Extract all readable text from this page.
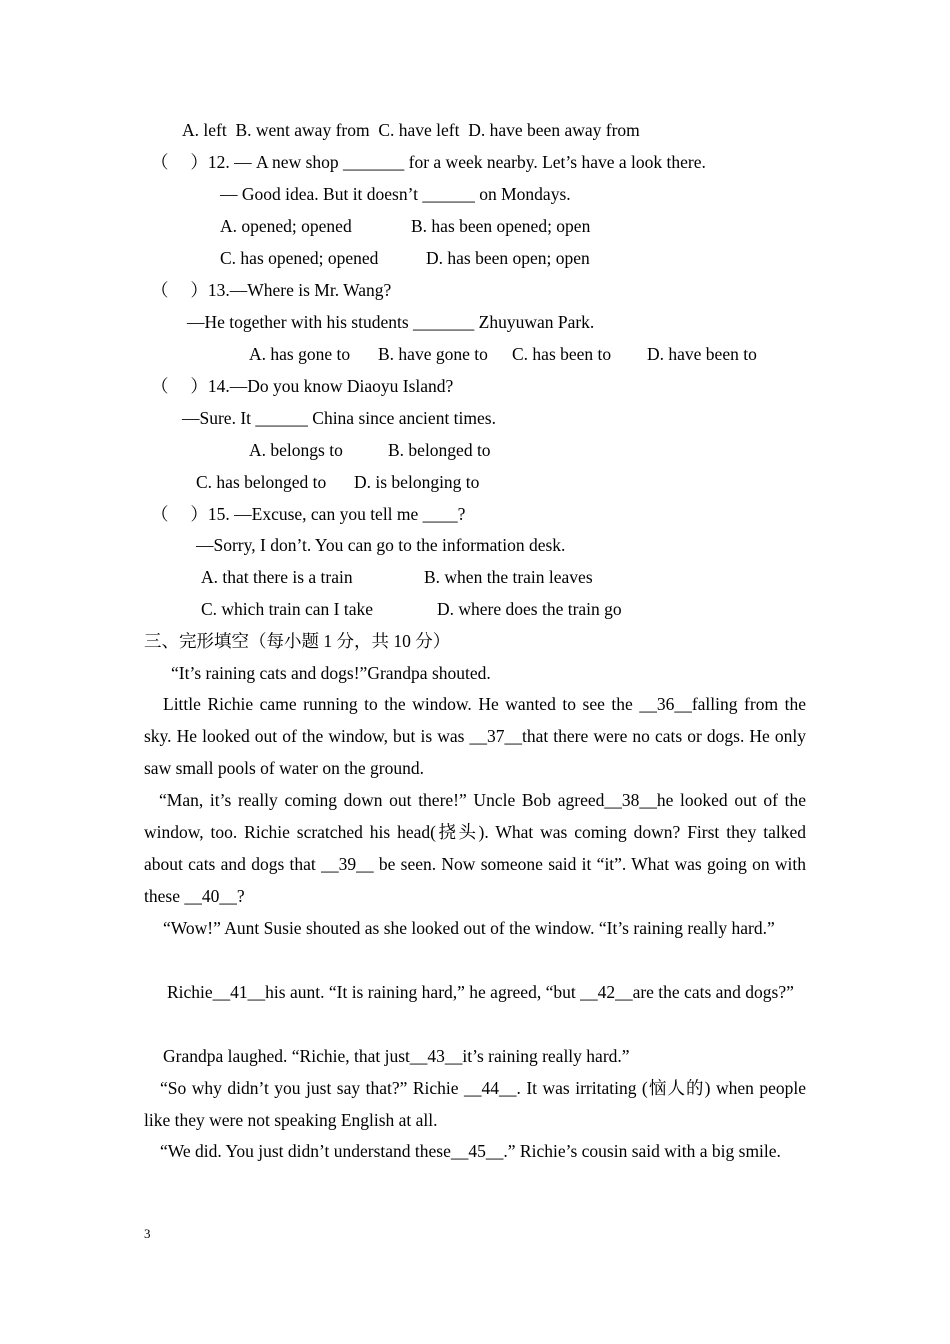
A. left  B. went away from  C. have left  D. have been away from
（     ）12. — A new shop _______ for a week nearby. Let’s have a look there.
— Good idea. But it doesn’t ______ on Mondays.
A. opened; opened	B. has been opened; open
C. has opened; opened	D. has been open; open
（     ）13.—Where is Mr. Wang?
—He together with his students _______ Zhuyuwan Park.
A. has gone to B. have gone to C. has been to D. have been to
（     ）14.—Do you know Diaoyu Island?
—Sure. It ______ China since ancient times.
A. belongs to	B. belonged to
C. has belonged to D. is belonging to
（     ）15. —Excuse, can you tell me ____?
—Sorry, I don’t. You can go to the information desk.
A. that there is a train	B. when the train leaves
C. which train can I take	D. where does the train go
三、完形填空（每小题 1 分，共 10 分）
“It’s raining cats and dogs!”Grandpa shouted.
Little Richie came running to the window. He wanted to see the __36__falling from the sky. He looked out of the window, but is was __37__that there were no cats or dogs. He only saw small pools of water on the ground.
“Man, it’s really coming down out there!” Uncle Bob agreed__38__he looked out of the window, too. Richie scratched his head(挠头). What was coming down? First they talked about cats and dogs that __39__ be seen. Now someone said it “it”. What was going on with these __40__?
“Wow!” Aunt Susie shouted as she looked out of the window. “It’s raining really hard.”
Richie__41__his aunt. “It is raining hard,” he agreed, “but __42__are the cats and dogs?”
Grandpa laughed. “Richie, that just__43__it’s raining really hard.”
“So why didn’t you just say that?” Richie __44__. It was irritating (恼人的) when people like they were not speaking English at all.
“We did. You just didn’t understand these__45__.” Richie’s cousin said with a big smile.
3
